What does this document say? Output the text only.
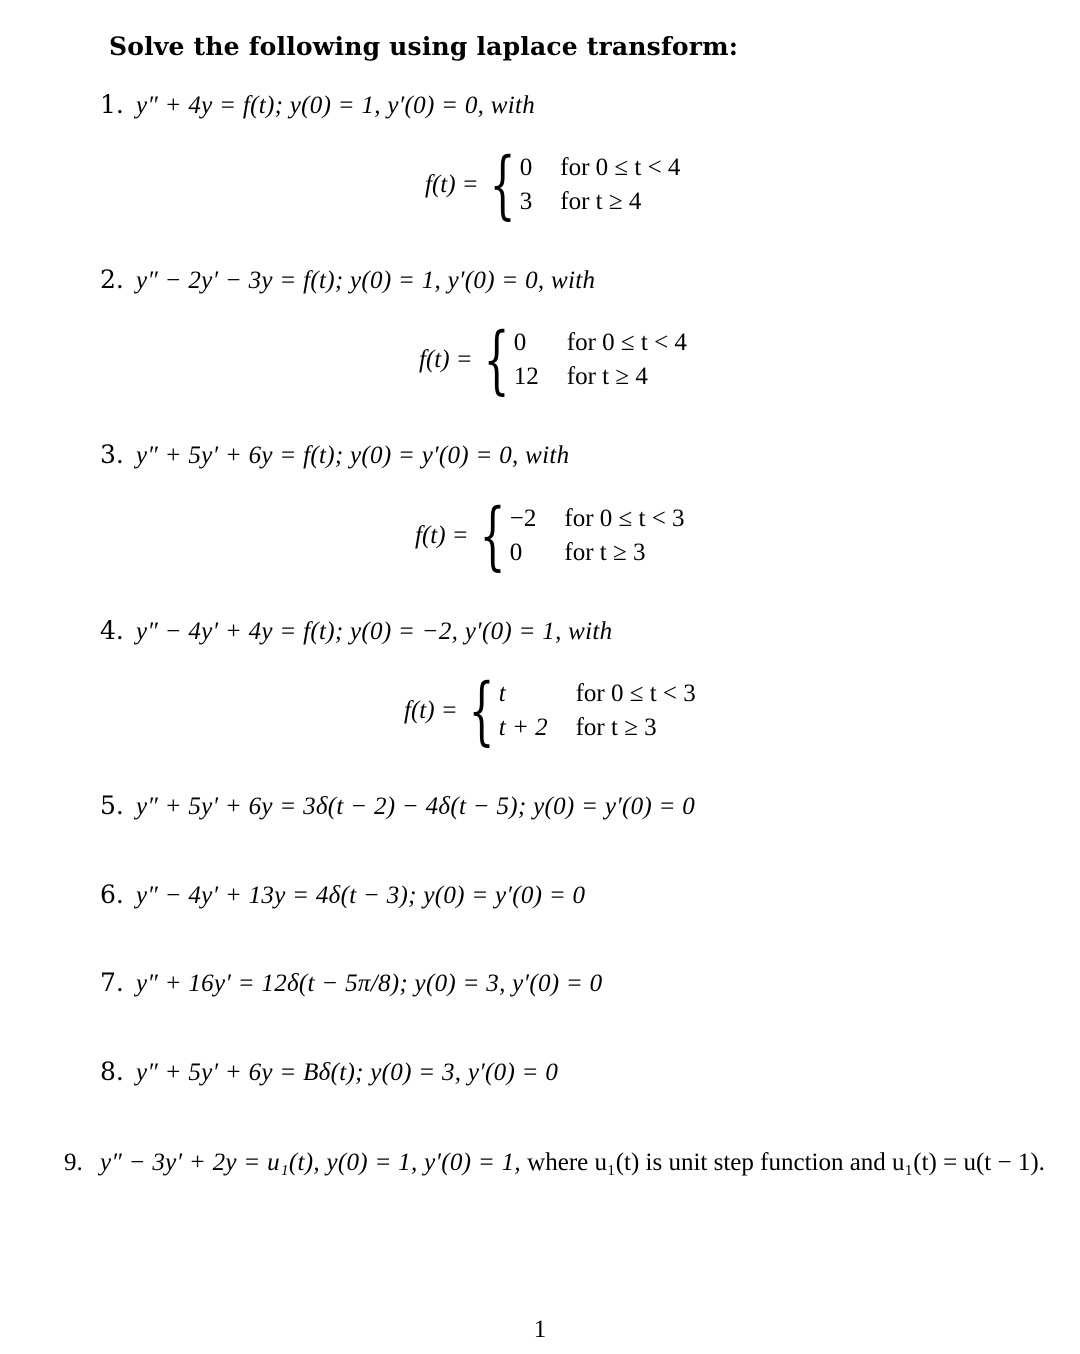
Solve the following using laplace transform:
1. y″ + 4y = f(t); y(0) = 1, y′(0) = 0, with
f(t) = { 0 for 0 ≤ t < 4
3 for t ≥ 4
2. y″ − 2y′ − 3y = f(t); y(0) = 1, y′(0) = 0, with
f(t) = { 0	for 0 ≤ t < 4
12 for t ≥ 4
3. y″ + 5y′ + 6y = f(t); y(0) = y′(0) = 0, with
f(t) = { −2 for 0 ≤ t < 3
0	for t ≥ 3
4. y″ − 4y′ + 4y = f(t); y(0) = −2, y′(0) = 1, with
f(t) = { t	for 0 ≤ t < 3
t + 2 for t ≥ 3
5. y″ + 5y′ + 6y = 3δ(t − 2) − 4δ(t − 5); y(0) = y′(0) = 0
6. y″ − 4y′ + 13y = 4δ(t − 3); y(0) = y′(0) = 0
7. y″ + 16y′ = 12δ(t − 5π/8); y(0) = 3, y′(0) = 0
8. y″ + 5y′ + 6y = Bδ(t); y(0) = 3, y′(0) = 0
9. y″ − 3y′ + 2y = u₁(t), y(0) = 1, y′(0) = 1, where u₁(t) is unit step function and u₁(t) = u(t − 1).
1
